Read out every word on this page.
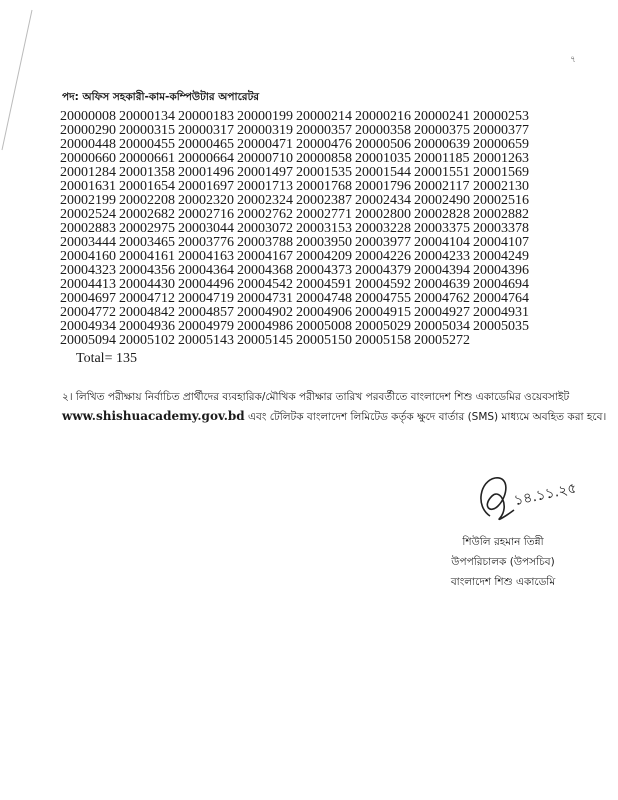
৭
পদ: অফিস সহকারী-কাম-কম্পিউটার অপারেটর
20000008 20000134 20000183 20000199 20000214 20000216 20000241 20000253
20000290 20000315 20000317 20000319 20000357 20000358 20000375 20000377
20000448 20000455 20000465 20000471 20000476 20000506 20000639 20000659
20000660 20000661 20000664 20000710 20000858 20001035 20001185 20001263
20001284 20001358 20001496 20001497 20001535 20001544 20001551 20001569
20001631 20001654 20001697 20001713 20001768 20001796 20002117 20002130
20002199 20002208 20002320 20002324 20002387 20002434 20002490 20002516
20002524 20002682 20002716 20002762 20002771 20002800 20002828 20002882
20002883 20002975 20003044 20003072 20003153 20003228 20003375 20003378
20003444 20003465 20003776 20003788 20003950 20003977 20004104 20004107
20004160 20004161 20004163 20004167 20004209 20004226 20004233 20004249
20004323 20004356 20004364 20004368 20004373 20004379 20004394 20004396
20004413 20004430 20004496 20004542 20004591 20004592 20004639 20004694
20004697 20004712 20004719 20004731 20004748 20004755 20004762 20004764
20004772 20004842 20004857 20004902 20004906 20004915 20004927 20004931
20004934 20004936 20004979 20004986 20005008 20005029 20005034 20005035
20005094 20005102 20005143 20005145 20005150 20005158 20005272
Total= 135
২। লিখিত পরীক্ষায় নির্বাচিত প্রার্থীদের ব্যবহারিক/মৌখিক পরীক্ষার তারিখ পরবর্তীতে বাংলাদেশ শিশু একাডেমির ওয়েবসাইট
www.shishuacademy.gov.bd এবং টেলিটক বাংলাদেশ লিমিটেড কর্তৃক ক্ষুদে বার্তার (SMS) মাধ্যমে অবহিত করা হবে।
১৪.১১.২৫
শিউলি রহমান তিন্নী
উপপরিচালক (উপসচিব)
বাংলাদেশ শিশু একাডেমি
